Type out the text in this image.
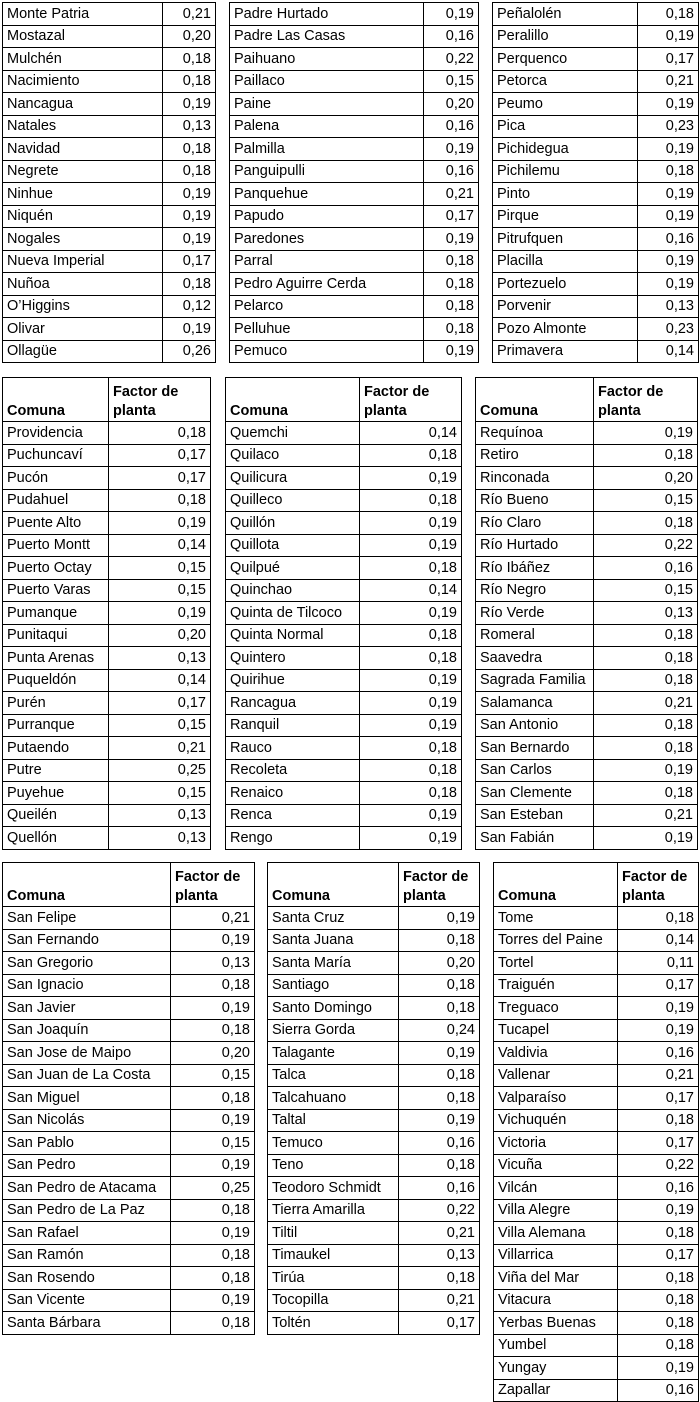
Monte Patria	0,21
Mostazal	0,20
Mulchén	0,18
Nacimiento	0,18
Nancagua	0,19
Natales	0,13
Navidad	0,18
Negrete	0,18
Ninhue	0,19
Niquén	0,19
Nogales	0,19
Nueva Imperial	0,17
Nuñoa	0,18
O’Higgins	0,12
Olivar	0,19
Ollagüe	0,26
Padre Hurtado	0,19
Padre Las Casas	0,16
Paihuano	0,22
Paillaco	0,15
Paine	0,20
Palena	0,16
Palmilla	0,19
Panguipulli	0,16
Panquehue	0,21
Papudo	0,17
Paredones	0,19
Parral	0,18
Pedro Aguirre Cerda	0,18
Pelarco	0,18
Pelluhue	0,18
Pemuco	0,19
Peñalolén	0,18
Peralillo	0,19
Perquenco	0,17
Petorca	0,21
Peumo	0,19
Pica	0,23
Pichidegua	0,19
Pichilemu	0,18
Pinto	0,19
Pirque	0,19
Pitrufquen	0,16
Placilla	0,19
Portezuelo	0,19
Porvenir	0,13
Pozo Almonte	0,23
Primavera	0,14
Comuna	Factor de planta
Providencia	0,18
Puchuncaví	0,17
Pucón	0,17
Pudahuel	0,18
Puente Alto	0,19
Puerto Montt	0,14
Puerto Octay	0,15
Puerto Varas	0,15
Pumanque	0,19
Punitaqui	0,20
Punta Arenas	0,13
Puqueldón	0,14
Purén	0,17
Purranque	0,15
Putaendo	0,21
Putre	0,25
Puyehue	0,15
Queilén	0,13
Quellón	0,13
Comuna	Factor de planta
Quemchi	0,14
Quilaco	0,18
Quilicura	0,19
Quilleco	0,18
Quillón	0,19
Quillota	0,19
Quilpué	0,18
Quinchao	0,14
Quinta de Tilcoco	0,19
Quinta Normal	0,18
Quintero	0,18
Quirihue	0,19
Rancagua	0,19
Ranquil	0,19
Rauco	0,18
Recoleta	0,18
Renaico	0,18
Renca	0,19
Rengo	0,19
Comuna	Factor de planta
Requínoa	0,19
Retiro	0,18
Rinconada	0,20
Río Bueno	0,15
Río Claro	0,18
Río Hurtado	0,22
Río Ibáñez	0,16
Río Negro	0,15
Río Verde	0,13
Romeral	0,18
Saavedra	0,18
Sagrada Familia	0,18
Salamanca	0,21
San Antonio	0,18
San Bernardo	0,18
San Carlos	0,19
San Clemente	0,18
San Esteban	0,21
San Fabián	0,19
Comuna	Factor de planta
San Felipe	0,21
San Fernando	0,19
San Gregorio	0,13
San Ignacio	0,18
San Javier	0,19
San Joaquín	0,18
San Jose de Maipo	0,20
San Juan de La Costa	0,15
San Miguel	0,18
San Nicolás	0,19
San Pablo	0,15
San Pedro	0,19
San Pedro de Atacama	0,25
San Pedro de La Paz	0,18
San Rafael	0,19
San Ramón	0,18
San Rosendo	0,18
San Vicente	0,19
Santa Bárbara	0,18
Comuna	Factor de planta
Santa Cruz	0,19
Santa Juana	0,18
Santa María	0,20
Santiago	0,18
Santo Domingo	0,18
Sierra Gorda	0,24
Talagante	0,19
Talca	0,18
Talcahuano	0,18
Taltal	0,19
Temuco	0,16
Teno	0,18
Teodoro Schmidt	0,16
Tierra Amarilla	0,22
Tiltil	0,21
Timaukel	0,13
Tirúa	0,18
Tocopilla	0,21
Toltén	0,17
Comuna	Factor de planta
Tome	0,18
Torres del Paine	0,14
Tortel	0,11
Traiguén	0,17
Treguaco	0,19
Tucapel	0,19
Valdivia	0,16
Vallenar	0,21
Valparaíso	0,17
Vichuquén	0,18
Victoria	0,17
Vicuña	0,22
Vilcán	0,16
Villa Alegre	0,19
Villa Alemana	0,18
Villarrica	0,17
Viña del Mar	0,18
Vitacura	0,18
Yerbas Buenas	0,18
Yumbel	0,18
Yungay	0,19
Zapallar	0,16
